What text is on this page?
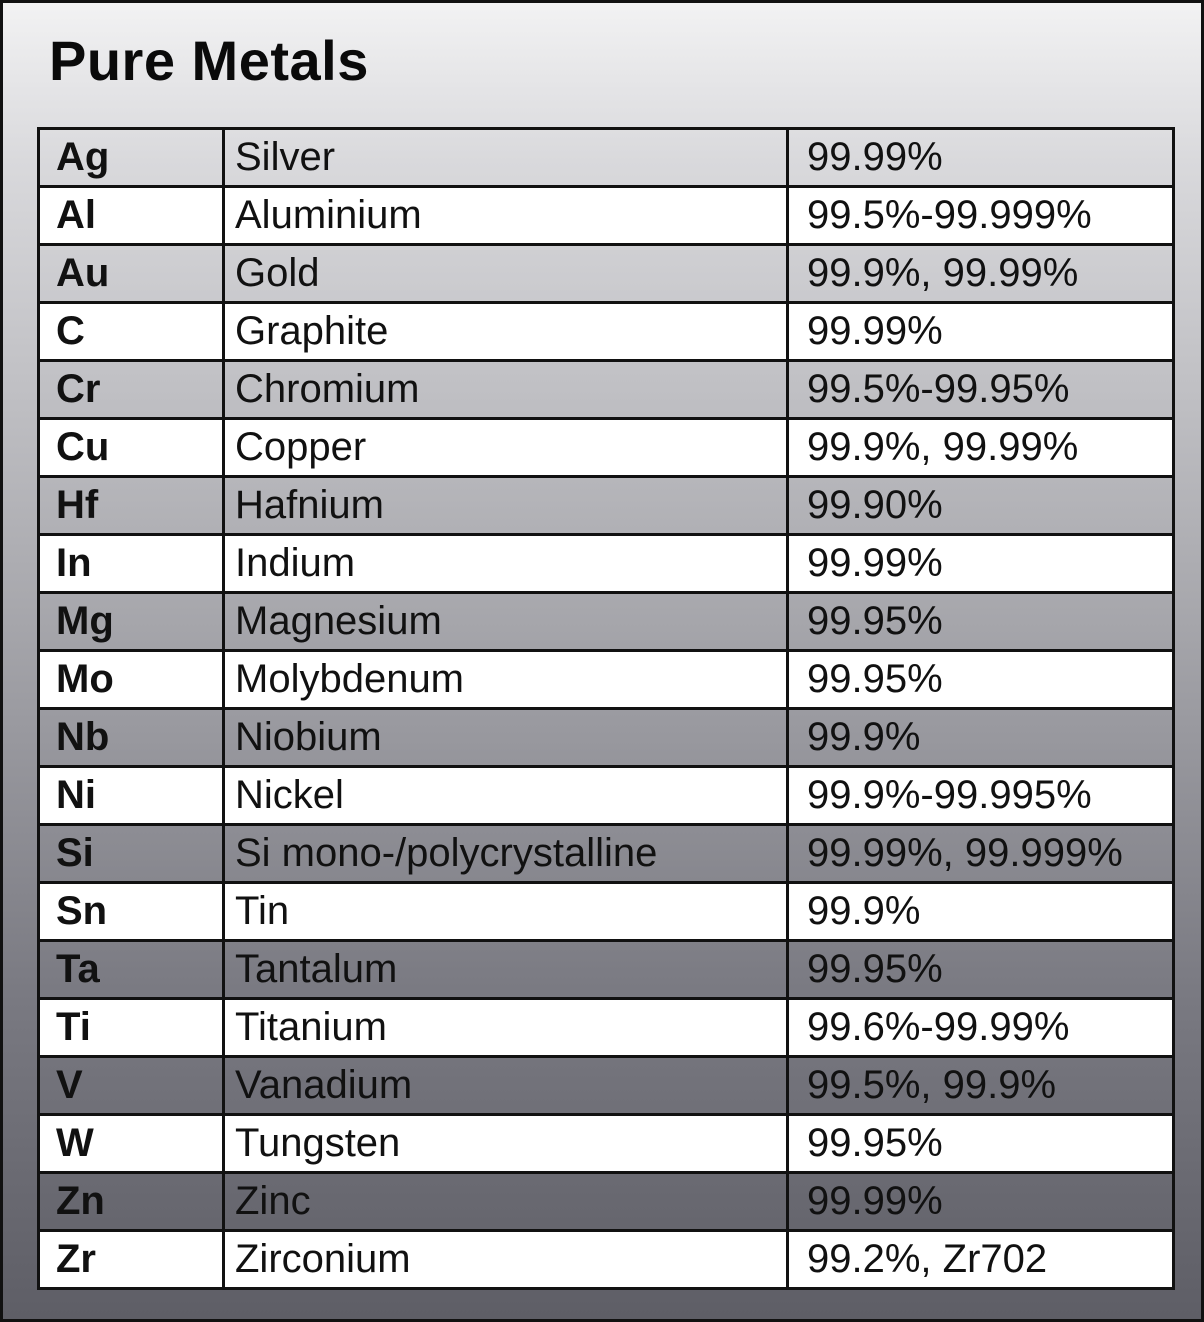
Pure Metals
Ag	Silver	99.99%
Al	Aluminium	99.5%-99.999%
Au	Gold	99.9%, 99.99%
C	Graphite	99.99%
Cr	Chromium	99.5%-99.95%
Cu	Copper	99.9%, 99.99%
Hf	Hafnium	99.90%
In	Indium	99.99%
Mg	Magnesium	99.95%
Mo	Molybdenum	99.95%
Nb	Niobium	99.9%
Ni	Nickel	99.9%-99.995%
Si	Si mono-/polycrystalline	99.99%, 99.999%
Sn	Tin	99.9%
Ta	Tantalum	99.95%
Ti	Titanium	99.6%-99.99%
V	Vanadium	99.5%, 99.9%
W	Tungsten	99.95%
Zn	Zinc	99.99%
Zr	Zirconium	99.2%, Zr702
